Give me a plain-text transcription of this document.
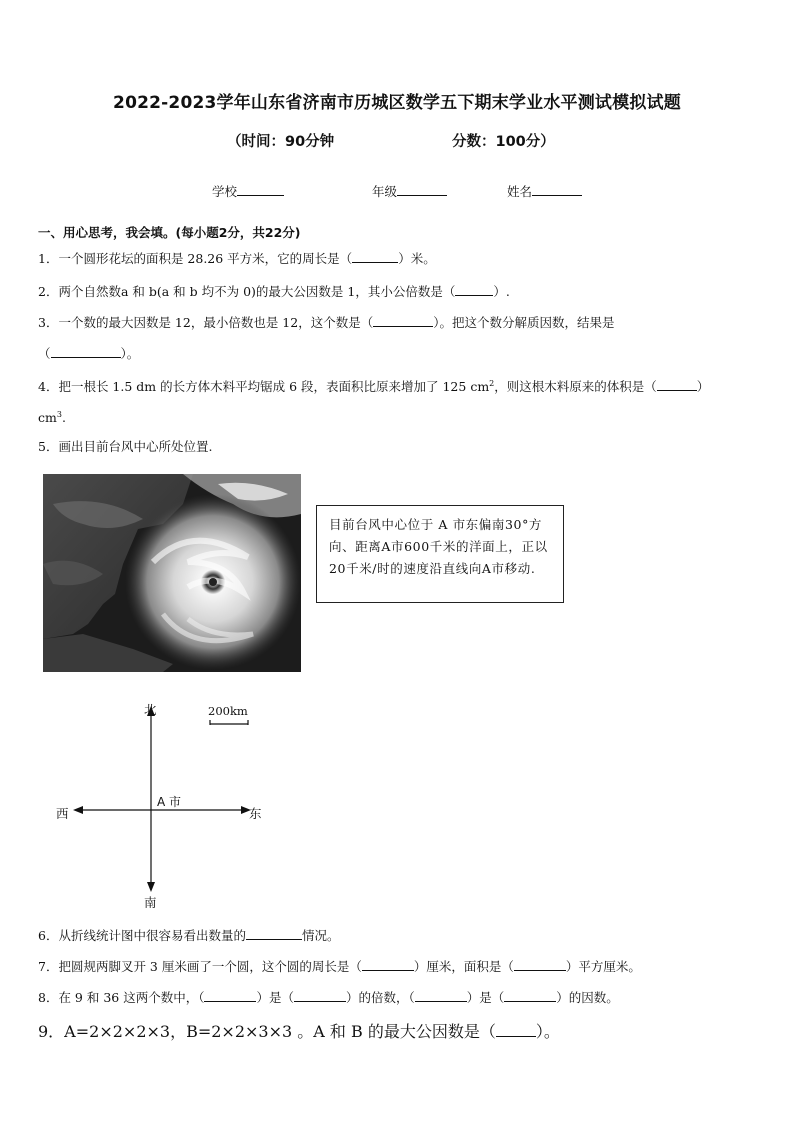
2022-2023学年山东省济南市历城区数学五下期末学业水平测试模拟试题
（时间：90分钟	分数：100分）
学校	年级	姓名
一、用心思考，我会填。(每小题2分，共22分)
1．一个圆形花坛的面积是 28.26 平方米，它的周长是（	）米。
2．两个自然数a 和 b(a 和 b 均不为 0)的最大公因数是 1，其小公倍数是（	）.
3．一个数的最大因数是 12，最小倍数也是 12，这个数是（	）。把这个数分解质因数，结果是
（	）。
4．把一根长 1.5 dm 的长方体木料平均锯成 6 段，表面积比原来增加了 125 $cm^2$，则这根木料原来的体积是（	）
$cm^3$.
5．画出目前台风中心所处位置.
目前台风中心位于 A 市东偏南30°方向、距离A市600千米的洋面上，正以20千米/时的速度沿直线向A市移动.
北
南
西	东
A 市
200km
6．从折线统计图中很容易看出数量的	情况。
7．把圆规两脚叉开 3 厘米画了一个圆，这个圆的周长是（	）厘米，面积是（	）平方厘米。
8．在 9 和 36 这两个数中，（	）是（	）的倍数，（	）是（	）的因数。
9．A=2×2×2×3，B=2×2×3×3 。A 和 B 的最大公因数是（	）。
